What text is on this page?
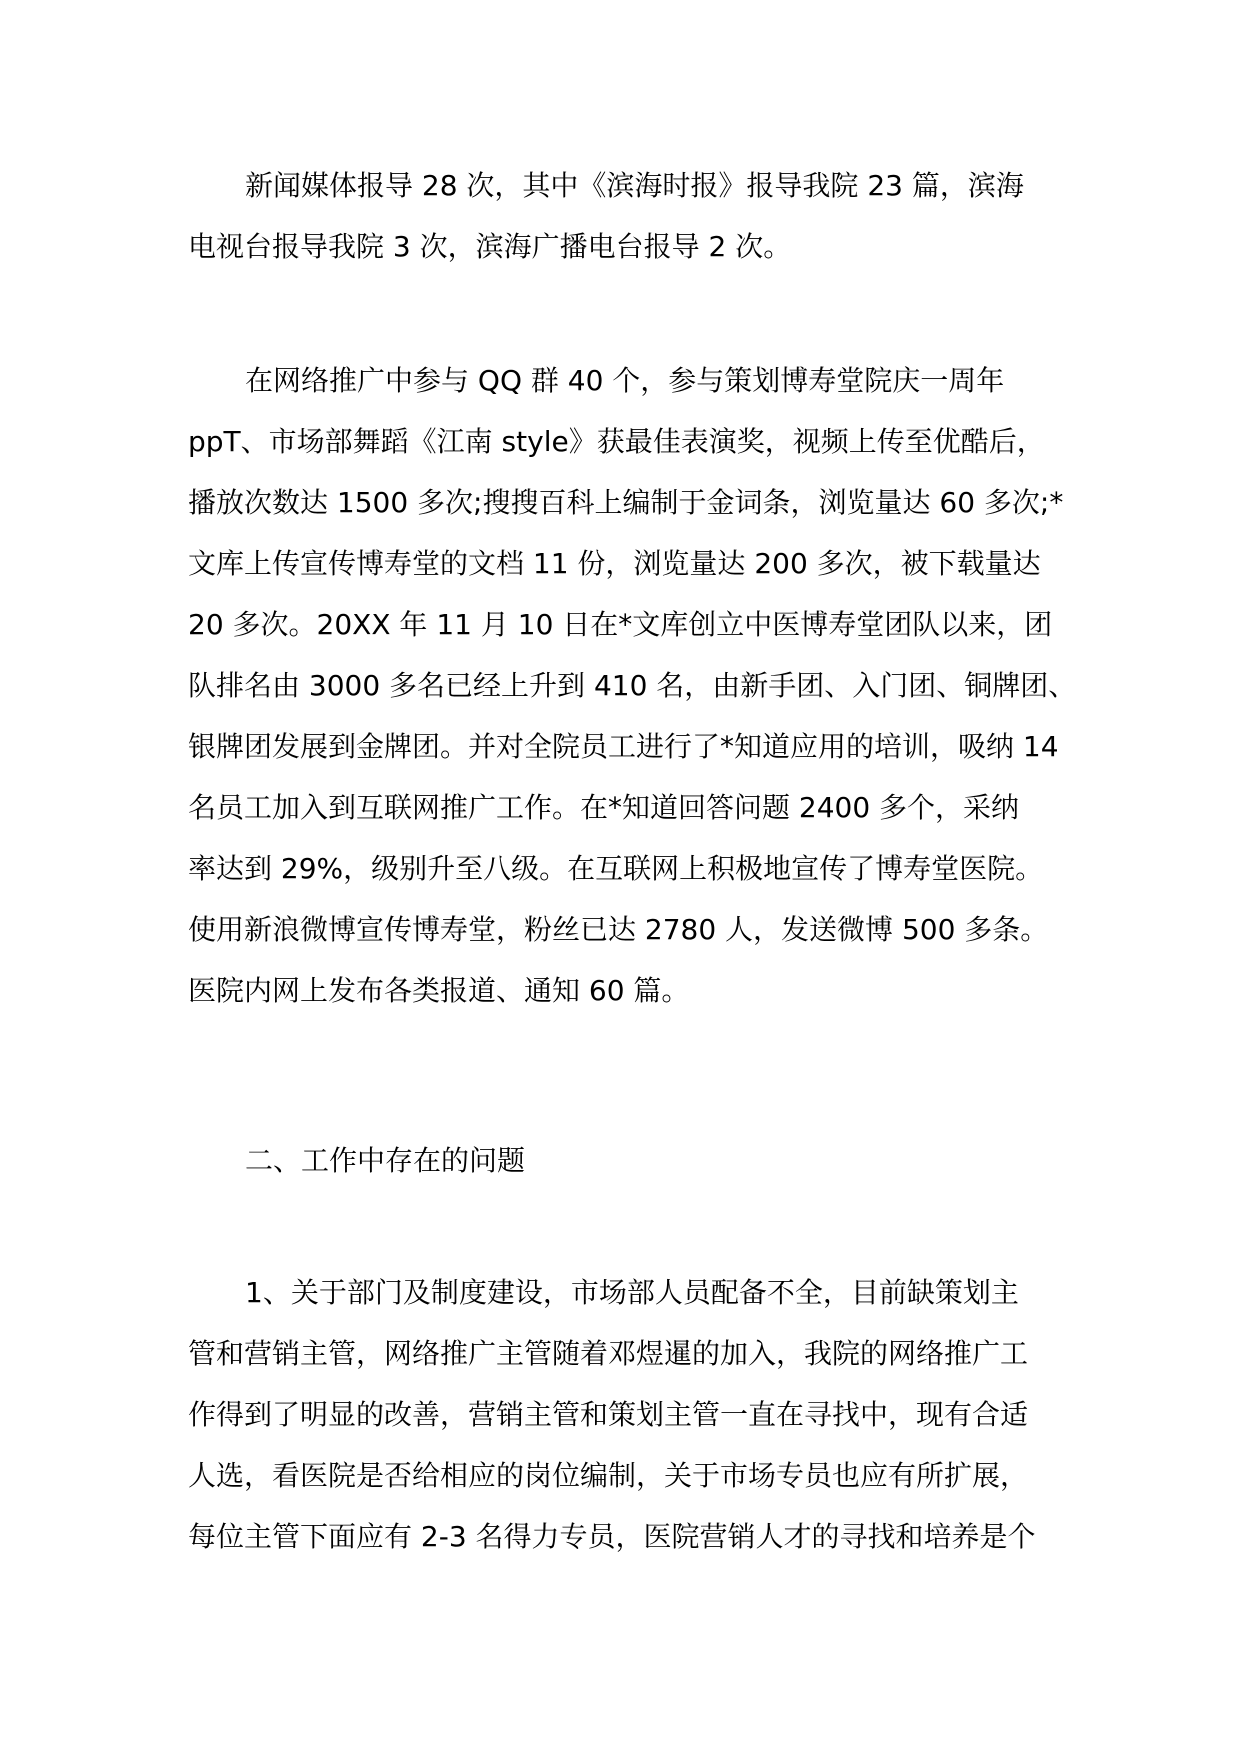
新闻媒体报导 28 次，其中《滨海时报》报导我院 23 篇，滨海
电视台报导我院 3 次，滨海广播电台报导 2 次。
在网络推广中参与 QQ 群 40 个，参与策划博寿堂院庆一周年
ppT、市场部舞蹈《江南 style》获最佳表演奖，视频上传至优酷后，
播放次数达 1500 多次;搜搜百科上编制于金词条，浏览量达 60 多次;*
文库上传宣传博寿堂的文档 11 份，浏览量达 200 多次，被下载量达
20 多次。20XX 年 11 月 10 日在*文库创立中医博寿堂团队以来，团
队排名由 3000 多名已经上升到 410 名，由新手团、入门团、铜牌团、
银牌团发展到金牌团。并对全院员工进行了*知道应用的培训，吸纳 14
名员工加入到互联网推广工作。在*知道回答问题 2400 多个，采纳
率达到 29%，级别升至八级。在互联网上积极地宣传了博寿堂医院。
使用新浪微博宣传博寿堂，粉丝已达 2780 人，发送微博 500 多条。
医院内网上发布各类报道、通知 60 篇。
二、工作中存在的问题
1、关于部门及制度建设，市场部人员配备不全，目前缺策划主
管和营销主管，网络推广主管随着邓煜暹的加入，我院的网络推广工
作得到了明显的改善，营销主管和策划主管一直在寻找中，现有合适
人选，看医院是否给相应的岗位编制，关于市场专员也应有所扩展，
每位主管下面应有 2-3 名得力专员，医院营销人才的寻找和培养是个
